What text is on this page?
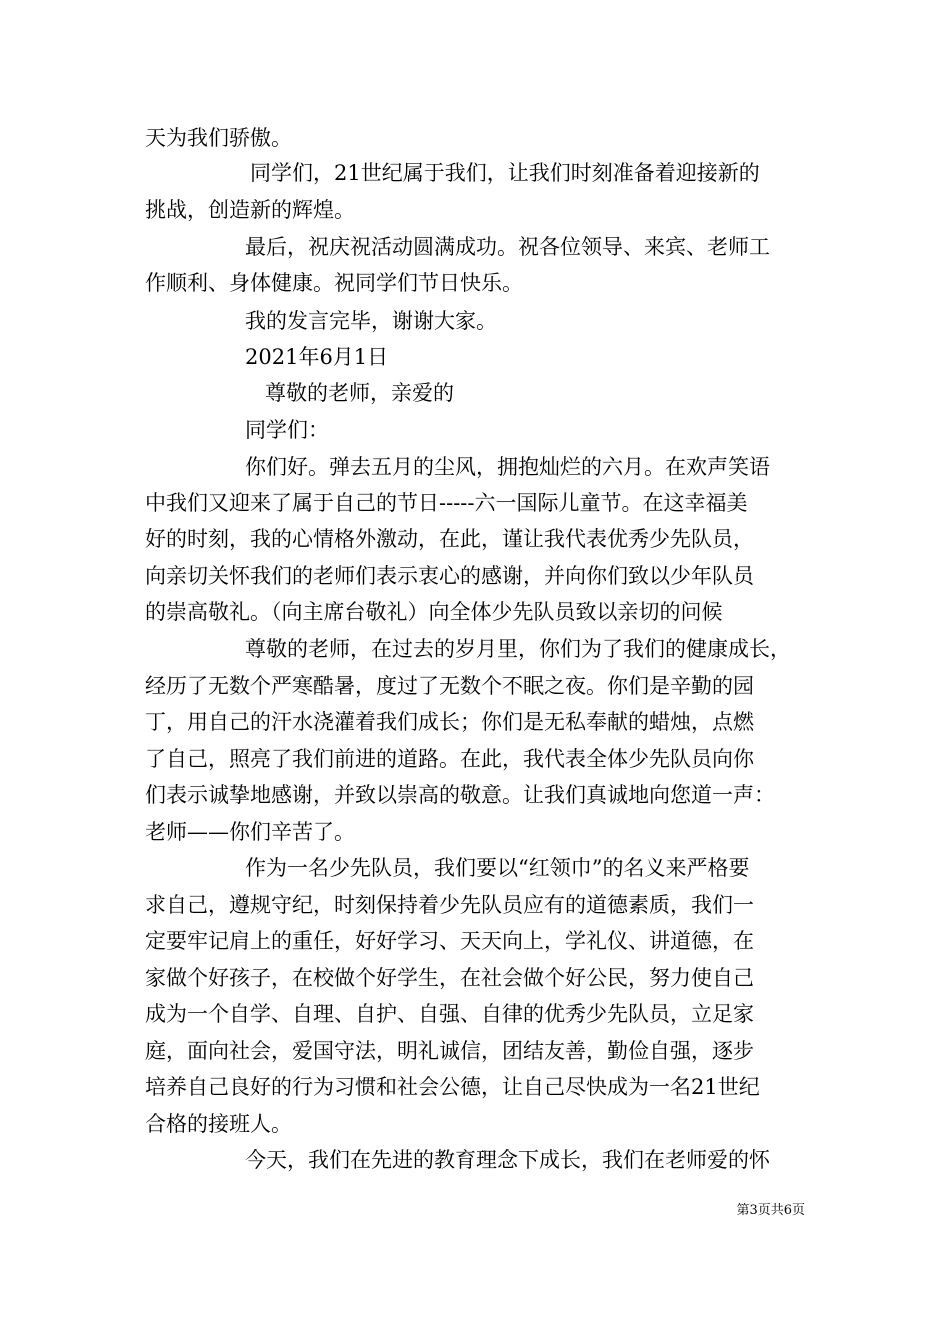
天为我们骄傲。
同学们，21世纪属于我们，让我们时刻准备着迎接新的
挑战，创造新的辉煌。
最后，祝庆祝活动圆满成功。祝各位领导、来宾、老师工
作顺利、身体健康。祝同学们节日快乐。
我的发言完毕，谢谢大家。
2021年6月1日
尊敬的老师，亲爱的
同学们：
你们好。弹去五月的尘风，拥抱灿烂的六月。在欢声笑语
中我们又迎来了属于自己的节日-----六一国际儿童节。在这幸福美
好的时刻，我的心情格外激动，在此，谨让我代表优秀少先队员，
向亲切关怀我们的老师们表示衷心的感谢，并向你们致以少年队员
的崇高敬礼。（向主席台敬礼）向全体少先队员致以亲切的问候
尊敬的老师，在过去的岁月里，你们为了我们的健康成长，
经历了无数个严寒酷暑，度过了无数个不眠之夜。你们是辛勤的园
丁，用自己的汗水浇灌着我们成长；你们是无私奉献的蜡烛，点燃
了自己，照亮了我们前进的道路。在此，我代表全体少先队员向你
们表示诚挚地感谢，并致以崇高的敬意。让我们真诚地向您道一声：
老师——你们辛苦了。
作为一名少先队员，我们要以“红领巾”的名义来严格要
求自己，遵规守纪，时刻保持着少先队员应有的道德素质，我们一
定要牢记肩上的重任，好好学习、天天向上，学礼仪、讲道德，在
家做个好孩子，在校做个好学生，在社会做个好公民，努力使自己
成为一个自学、自理、自护、自强、自律的优秀少先队员，立足家
庭，面向社会，爱国守法，明礼诚信，团结友善，勤俭自强，逐步
培养自己良好的行为习惯和社会公德，让自己尽快成为一名21世纪
合格的接班人。
今天，我们在先进的教育理念下成长，我们在老师爱的怀
第3页共6页
